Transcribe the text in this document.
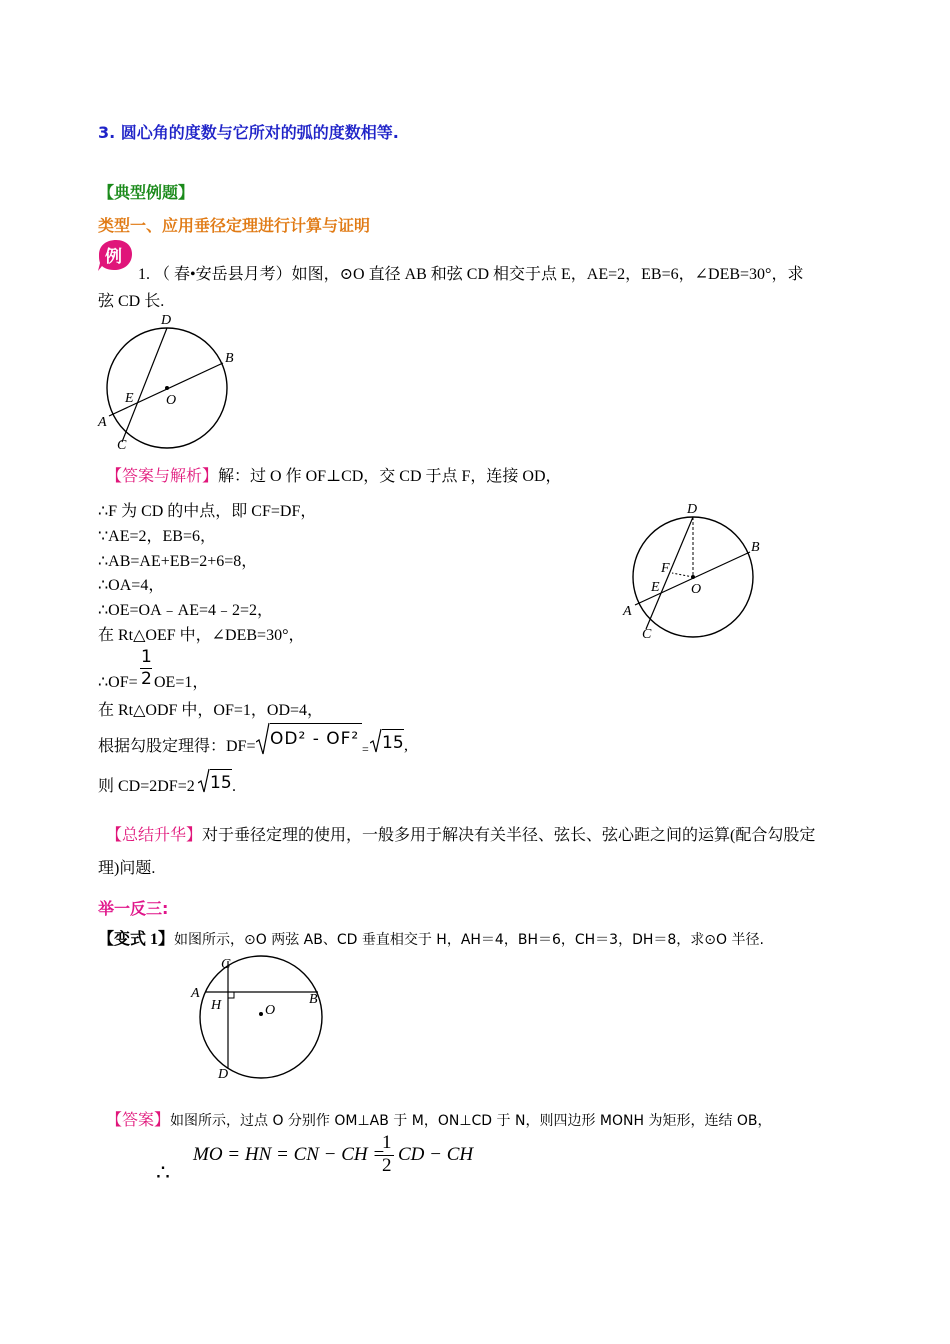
3. 圆心角的度数与它所对的弧的度数相等.
【典型例题】
类型一、应用垂径定理进行计算与证明
例
1. （ 春•安岳县月考）如图，⊙O 直径 AB 和弦 CD 相交于点 E，AE=2，EB=6，∠DEB=30°，求
弦 CD 长.
D
B
E O
A
C
【答案与解析】解：过 O 作 OF⊥CD，交 CD 于点 F，连接 OD，
∴F 为 CD 的中点，即 CF=DF，
∵AE=2，EB=6，
∴AB=AE+EB=2+6=8，
∴OA=4，
∴OE=OA﹣AE=4﹣2=2，
在 Rt△OEF 中，∠DEB=30°，
∴OF=
1
2 OE=1，
在 Rt△ODF 中，OF=1，OD=4，
根据勾股定理得：DF= OD² - OF² = 15 ,
则 CD=2DF=2 15 .
D
B
F
E O
A
C
【总结升华】对于垂径定理的使用，一般多用于解决有关半径、弦长、弦心距之间的运算(配合勾股定
理)问题.
举一反三:
【变式 1】如图所示，⊙O 两弦 AB、CD 垂直相交于 H，AH＝4，BH＝6，CH＝3，DH＝8，求⊙O 半径.
C
A
H	B
O
D
【答案】如图所示，过点 O 分别作 OM⊥AB 于 M，ON⊥CD 于 N，则四边形 MONH 为矩形，连结 OB，
MO = HN = CN − CH =
1
2
CD − CH
∴
